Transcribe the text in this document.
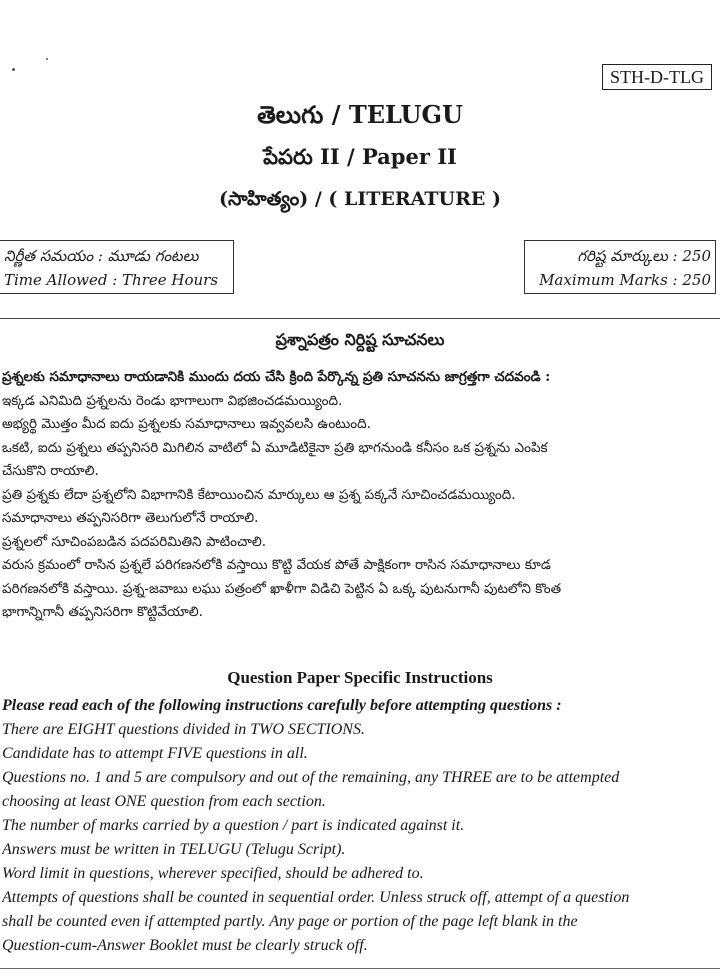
STH-D-TLG
తెలుగు / TELUGU
పేపరు II / Paper II
(సాహిత్యం) / ( LITERATURE )
నిర్ణీత సమయం : మూడు గంటలు
Time Allowed : Three Hours
గరిష్ట మార్కులు : 250
Maximum Marks : 250
ప్రశ్నాపత్రం నిర్దిష్ట సూచనలు
ప్రశ్నలకు సమాధానాలు రాయడానికి ముందు దయ చేసి క్రింది పేర్కొన్న ప్రతి సూచనను జాగ్రత్తగా చదవండి :
ఇక్కడ ఎనిమిది ప్రశ్నలను రెండు భాగాలుగా విభజించడమయ్యింది.
అభ్యర్థి మొత్తం మీద ఐదు ప్రశ్నలకు సమాధానాలు ఇవ్వవలసి ఉంటుంది.
ఒకటి, ఐదు ప్రశ్నలు తప్పనిసరి మిగిలిన వాటిలో ఏ మూడిటికైనా ప్రతి భాగనుండి కనీసం ఒక ప్రశ్నను ఎంపిక
చేసుకొని రాయాలి.
ప్రతి ప్రశ్నకు లేదా ప్రశ్నలోని విభాగానికి కేటాయించిన మార్కులు ఆ ప్రశ్న పక్కనే సూచించడమయ్యింది.
సమాధానాలు తప్పనిసరిగా తెలుగులోనే రాయాలి.
ప్రశ్నలలో సూచింపబడిన పదపరిమితిని పాటించాలి.
వరుస క్రమంలో రాసిన ప్రశ్నలే పరిగణనలోకి వస్తాయి కొట్టి వేయక పోతే పాక్షికంగా రాసిన సమాధానాలు కూడ
పరిగణనలోకి వస్తాయి. ప్రశ్న-జవాబు లఘు పత్రంలో ఖాళీగా విడిచి పెట్టిన ఏ ఒక్క పుటనుగానీ పుటలోని కొంత
భాగాన్నిగానీ తప్పనిసరిగా కొట్టివేయాలి.
Question Paper Specific Instructions
Please read each of the following instructions carefully before attempting questions :
There are EIGHT questions divided in TWO SECTIONS.
Candidate has to attempt FIVE questions in all.
Questions no. 1 and 5 are compulsory and out of the remaining, any THREE are to be attempted
choosing at least ONE question from each section.
The number of marks carried by a question / part is indicated against it.
Answers must be written in TELUGU (Telugu Script).
Word limit in questions, wherever specified, should be adhered to.
Attempts of questions shall be counted in sequential order. Unless struck off, attempt of a question
shall be counted even if attempted partly. Any page or portion of the page left blank in the
Question-cum-Answer Booklet must be clearly struck off.
